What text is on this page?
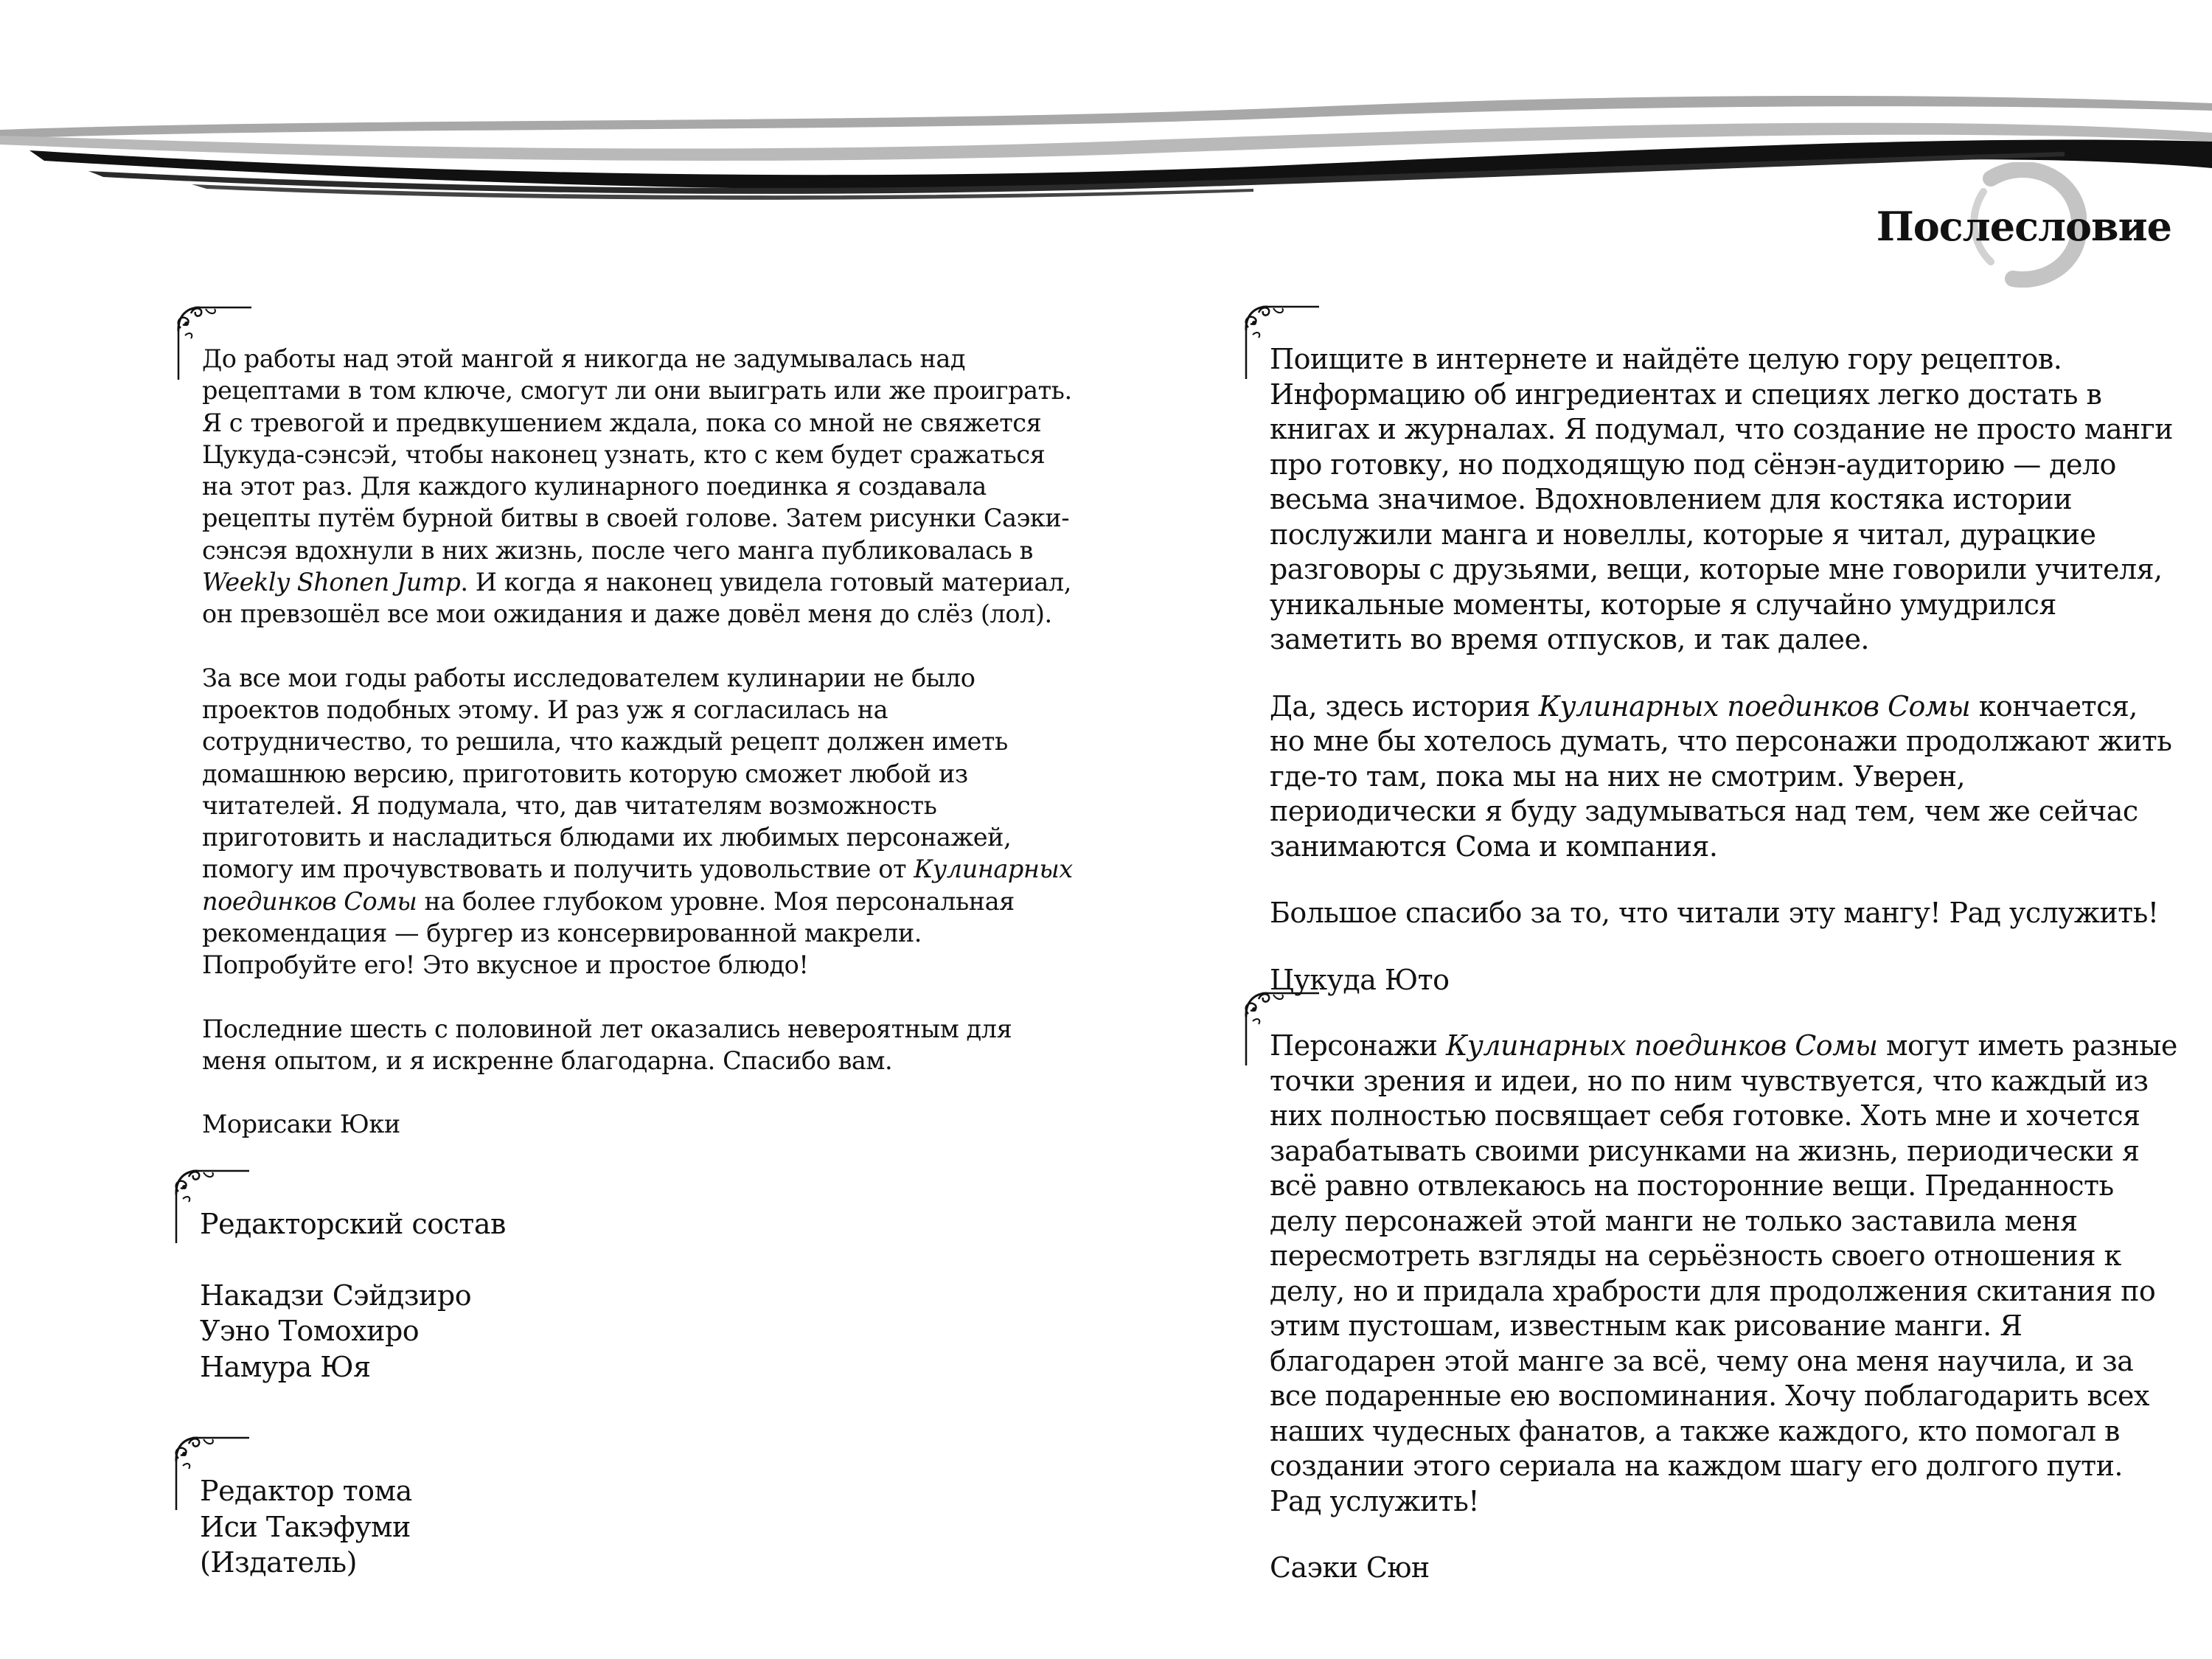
Послесловие

До работы над этой мангой я никогда не задумывалась над рецептами в том ключе, смогут ли они выиграть или же проиграть. Я с тревогой и предвкушением ждала, пока со мной не свяжется Цукуда-сэнсэй, чтобы наконец узнать, кто с кем будет сражаться на этот раз. Для каждого кулинарного поединка я создавала рецепты путём бурной битвы в своей голове. Затем рисунки Саэки-сэнсэя вдохнули в них жизнь, после чего манга публиковалась в Weekly Shonen Jump. И когда я наконец увидела готовый материал, он превзошёл все мои ожидания и даже довёл меня до слёз (лол).

За все мои годы работы исследователем кулинарии не было проектов подобных этому. И раз уж я согласилась на сотрудничество, то решила, что каждый рецепт должен иметь домашнюю версию, приготовить которую сможет любой из читателей. Я подумала, что, дав читателям возможность приготовить и насладиться блюдами их любимых персонажей, помогу им прочувствовать и получить удовольствие от Кулинарных поединков Сомы на более глубоком уровне. Моя персональная рекомендация — бургер из консервированной макрели. Попробуйте его! Это вкусное и простое блюдо!

Последние шесть с половиной лет оказались невероятным для меня опытом, и я искренне благодарна. Спасибо вам.

Морисаки Юки

Редакторский состав
Накадзи Сэйдзиро
Уэно Томохиро
Намура Юя
Редактор тома
Иси Такэфуми
(Издатель)

Поищите в интернете и найдёте целую гору рецептов. Информацию об ингредиентах и специях легко достать в книгах и журналах. Я подумал, что создание не просто манги про готовку, но подходящую под сёнэн-аудиторию — дело весьма значимое. Вдохновлением для костяка истории послужили манга и новеллы, которые я читал, дурацкие разговоры с друзьями, вещи, которые мне говорили учителя, уникальные моменты, которые я случайно умудрился заметить во время отпусков, и так далее.

Да, здесь история Кулинарных поединков Сомы кончается, но мне бы хотелось думать, что персонажи продолжают жить где-то там, пока мы на них не смотрим. Уверен, периодически я буду задумываться над тем, чем же сейчас занимаются Сома и компания.

Большое спасибо за то, что читали эту мангу! Рад услужить!

Цукуда Юто

Персонажи Кулинарных поединков Сомы могут иметь разные точки зрения и идеи, но по ним чувствуется, что каждый из них полностью посвящает себя готовке. Хоть мне и хочется зарабатывать своими рисунками на жизнь, периодически я всё равно отвлекаюсь на посторонние вещи. Преданность делу персонажей этой манги не только заставила меня пересмотреть взгляды на серьёзность своего отношения к делу, но и придала храбрости для продолжения скитания по этим пустошам, известным как рисование манги. Я благодарен этой манге за всё, чему она меня научила, и за все подаренные ею воспоминания. Хочу поблагодарить всех наших чудесных фанатов, а также каждого, кто помогал в создании этого сериала на каждом шагу его долгого пути.
Рад услужить!

Саэки Сюн
